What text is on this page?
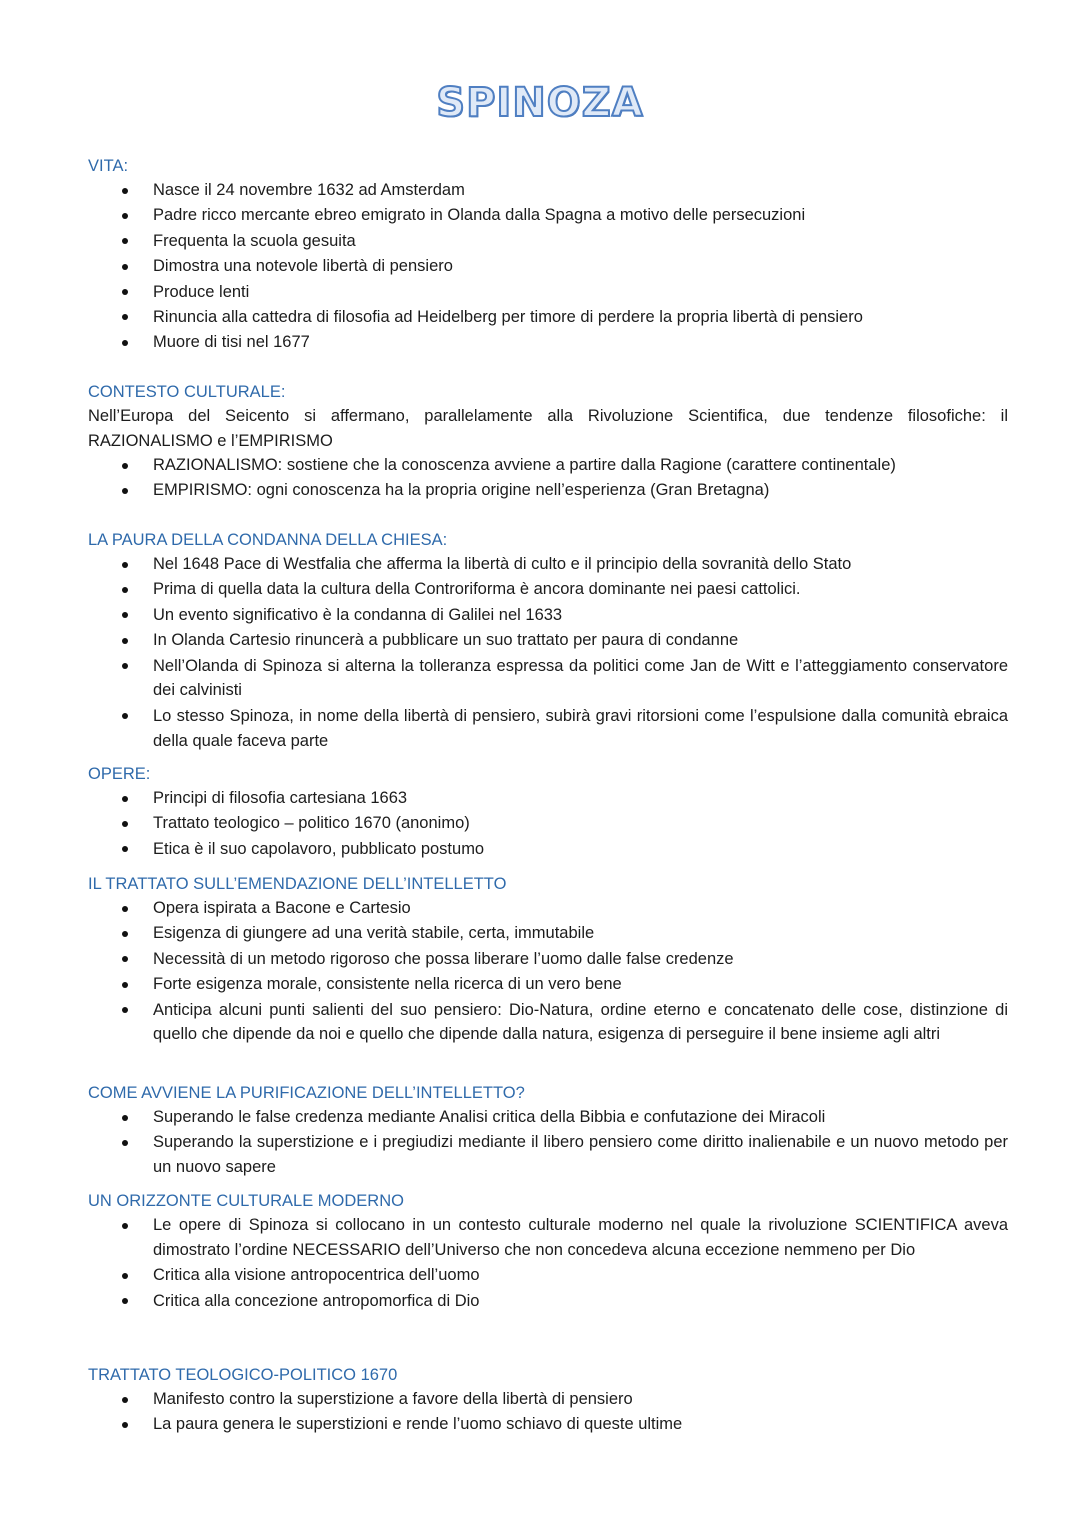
SPINOZA
VITA:
Nasce il 24 novembre 1632 ad Amsterdam
Padre ricco mercante ebreo emigrato in Olanda dalla Spagna a motivo delle persecuzioni
Frequenta la scuola gesuita
Dimostra una notevole libertà di pensiero
Produce lenti
Rinuncia alla cattedra di filosofia ad Heidelberg per timore di perdere la propria libertà di pensiero
Muore di tisi nel 1677
CONTESTO CULTURALE:

Nell’Europa del Seicento si affermano, parallelamente alla Rivoluzione Scientifica, due tendenze filosofiche: il RAZIONALISMO e l’EMPIRISMO

RAZIONALISMO: sostiene che la conoscenza avviene a partire dalla Ragione (carattere continentale)
EMPIRISMO: ogni conoscenza ha la propria origine nell’esperienza (Gran Bretagna)
LA PAURA DELLA CONDANNA DELLA CHIESA:
Nel 1648 Pace di Westfalia che afferma la libertà di culto e il principio della sovranità dello Stato
Prima di quella data la cultura della Controriforma è ancora dominante nei paesi cattolici.
Un evento significativo è la condanna di Galilei nel 1633
In Olanda Cartesio rinuncerà a pubblicare un suo trattato per paura di condanne
Nell’Olanda di Spinoza si alterna la tolleranza espressa da politici come Jan de Witt e l’atteggiamento conservatore dei calvinisti
Lo stesso Spinoza, in nome della libertà di pensiero, subirà gravi ritorsioni come l’espulsione dalla comunità ebraica della quale faceva parte
OPERE:
Principi di filosofia cartesiana 1663
Trattato teologico – politico 1670 (anonimo)
Etica è il suo capolavoro, pubblicato postumo
IL TRATTATO SULL’EMENDAZIONE DELL’INTELLETTO
Opera ispirata a Bacone e Cartesio
Esigenza di giungere ad una verità stabile, certa, immutabile
Necessità di un metodo rigoroso che possa liberare l’uomo dalle false credenze
Forte esigenza morale, consistente nella ricerca di un vero bene
Anticipa alcuni punti salienti del suo pensiero: Dio-Natura, ordine eterno e concatenato delle cose, distinzione di quello che dipende da noi e quello che dipende dalla natura, esigenza di perseguire il bene insieme agli altri
COME AVVIENE LA PURIFICAZIONE DELL’INTELLETTO?
Superando le false credenza mediante Analisi critica della Bibbia e confutazione dei Miracoli
Superando la superstizione e i pregiudizi mediante il libero pensiero come diritto inalienabile e un nuovo metodo per un nuovo sapere
UN ORIZZONTE CULTURALE MODERNO
Le opere di Spinoza si collocano in un contesto culturale moderno nel quale la rivoluzione SCIENTIFICA aveva dimostrato l’ordine NECESSARIO dell’Universo che non concedeva alcuna eccezione nemmeno per Dio
Critica alla visione antropocentrica dell’uomo
Critica alla concezione antropomorfica di Dio
TRATTATO TEOLOGICO-POLITICO 1670
Manifesto contro la superstizione a favore della libertà di pensiero
La paura genera le superstizioni e rende l’uomo schiavo di queste ultime
